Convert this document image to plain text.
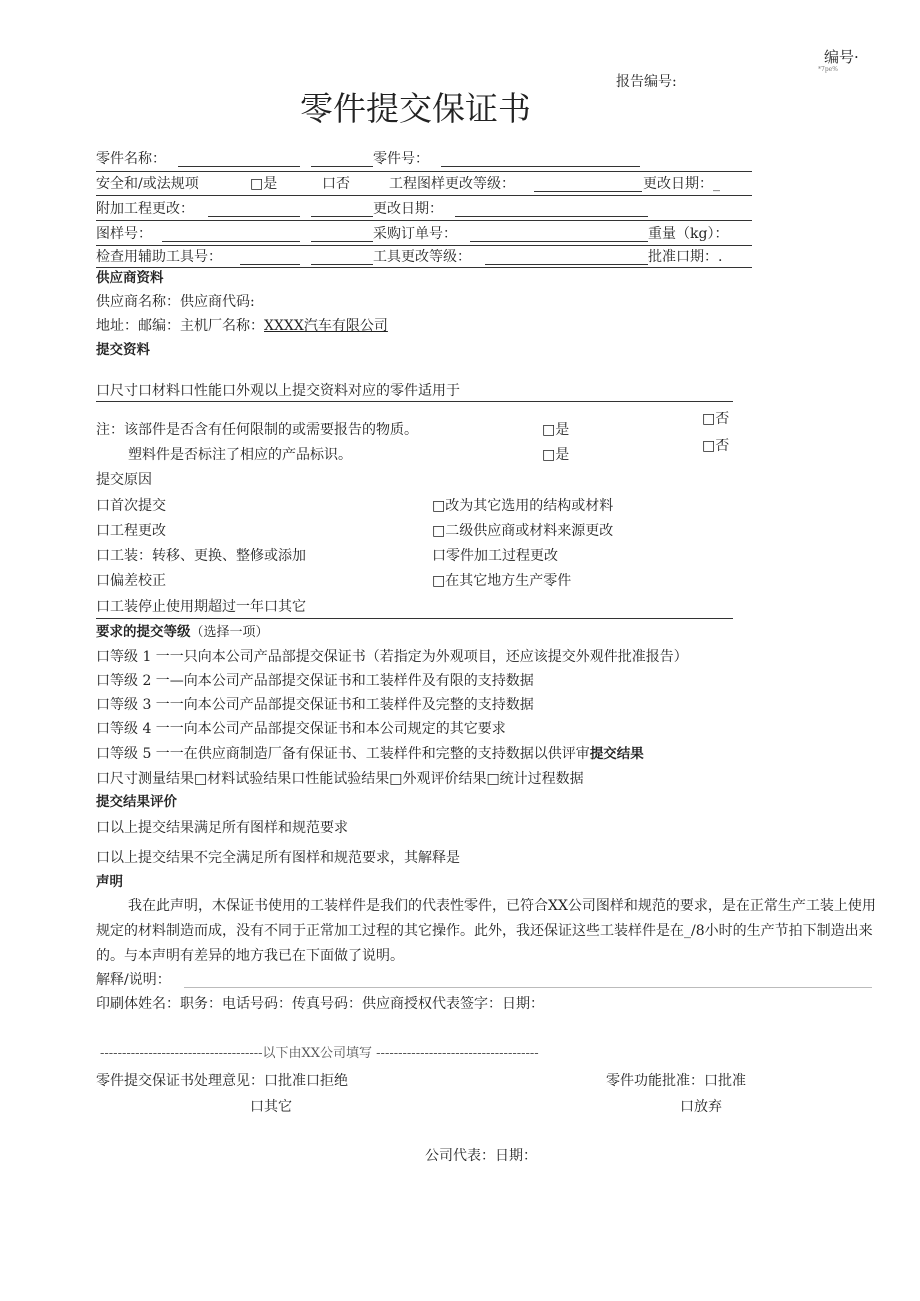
编号·
*7pe%
报告编号:
零件提交保证书
零件名称：	零件号：
安全和/或法规项	□是	口否	工程图样更改等级：	更改日期：_
附加工程更改：	更改日期：
图样号：	采购订单号：	重量（kg）：
检查用辅助工具号：	工具更改等级：	批准口期：.
供应商资料
供应商名称：供应商代码:
地址：邮编：主机厂名称：XXXX汽车有限公司
提交资料
口尺寸口材料口性能口外观以上提交资料对应的零件适用于
注：该部件是否含有任何限制的或需要报告的物质。	□是
□否
塑料件是否标注了相应的产品标识。	□是
□否
提交原因
口首次提交	□改为其它选用的结构或材料
口工程更改	□二级供应商或材料来源更改
口工装：转移、更换、整修或添加	口零件加工过程更改
口偏差校正	□在其它地方生产零件
口工装停止使用期超过一年口其它
要求的提交等级（选择一项）
口等级 1 一一只向本公司产品部提交保证书（若指定为外观项目，还应该提交外观件批准报告）
口等级 2 一—向本公司产品部提交保证书和工装样件及有限的支持数据
口等级 3 一一向本公司产品部提交保证书和工装样件及完整的支持数据
口等级 4 一一向本公司产品部提交保证书和本公司规定的其它要求
口等级 5 一一在供应商制造厂备有保证书、工装样件和完整的支持数据以供评审提交结果
口尺寸测量结果□材料试验结果口性能试验结果□外观评价结果□统计过程数据
提交结果评价
口以上提交结果满足所有图样和规范要求
口以上提交结果不完全满足所有图样和规范要求，其解释是
声明
我在此声明，木保证书使用的工装样件是我们的代表性零件，已符合XX公司图样和规范的要求，是在正常生产工装上使用规定的材料制造而成，没有不同于正常加工过程的其它操作。此外，我还保证这些工装样件是在_/8小时的生产节拍下制造出来的。与本声明有差异的地方我已在下面做了说明。
解释/说明：
印刷体姓名：职务：电话号码：传真号码：供应商授权代表签字：日期：
-------------------------------------以下由XX公司填写 -------------------------------------
零件提交保证书处理意见：口批准口拒绝
口其它
零件功能批准：口批准
口放弃
公司代表：日期：
